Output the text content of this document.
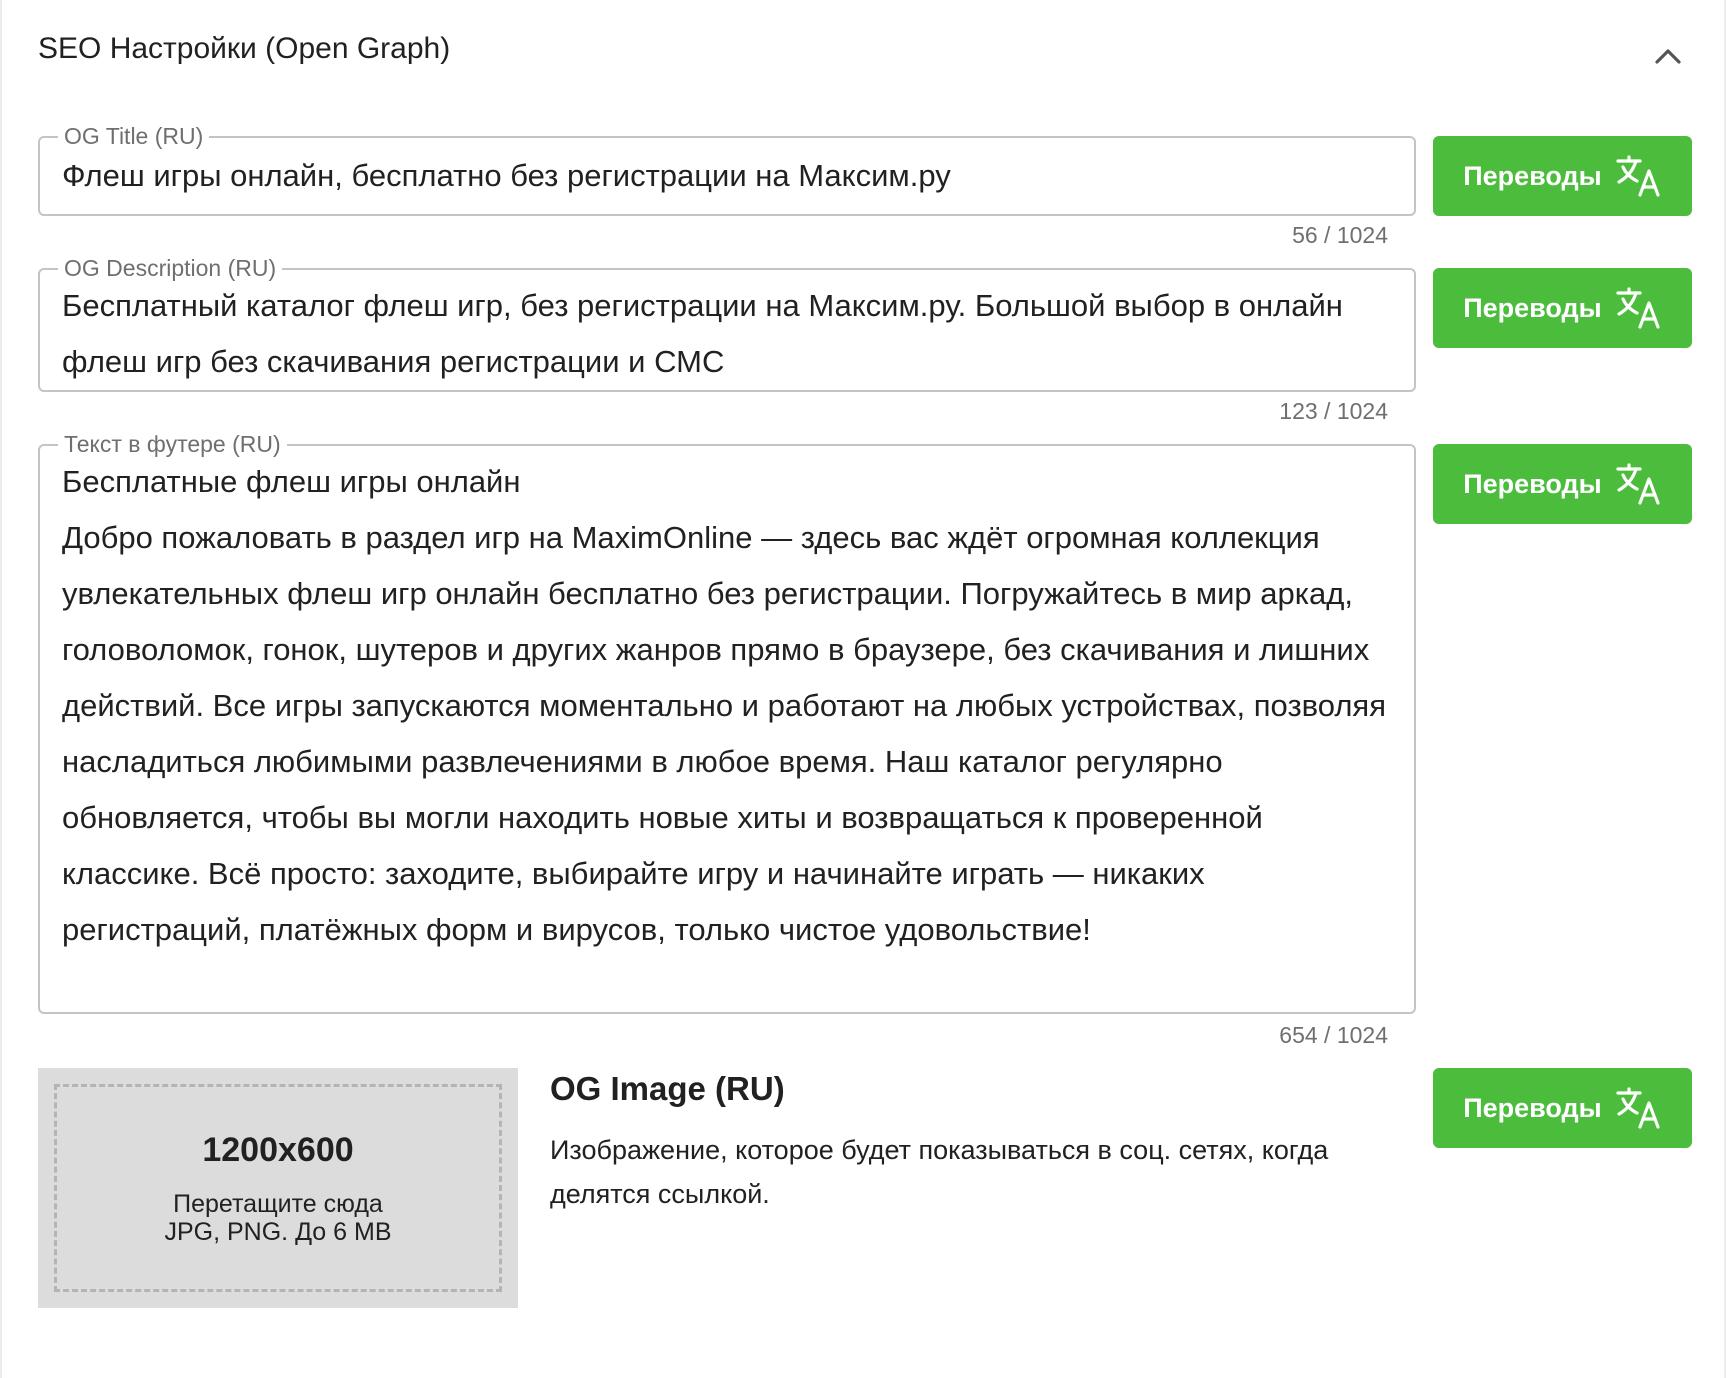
SEO Настройки (Open Graph)
OG Title (RU)
Флеш игры онлайн, бесплатно без регистрации на Максим.ру
56 / 1024
Переводы
OG Description (RU)
Бесплатный каталог флеш игр, без регистрации на Максим.ру. Большой выбор в онлайн флеш игр без скачивания регистрации и СМС
123 / 1024
Переводы
Текст в футере (RU)
Бесплатные флеш игры онлайн
Добро пожаловать в раздел игр на MaximOnline — здесь вас ждёт огромная коллекция увлекательных флеш игр онлайн бесплатно без регистрации. Погружайтесь в мир аркад, головоломок, гонок, шутеров и других жанров прямо в браузере, без скачивания и лишних действий. Все игры запускаются моментально и работают на любых устройствах, позволяя насладиться любимыми развлечениями в любое время. Наш каталог регулярно обновляется, чтобы вы могли находить новые хиты и возвращаться к проверенной классике. Всё просто: заходите, выбирайте игру и начинайте играть — никаких регистраций, платёжных форм и вирусов, только чистое удовольствие!
654 / 1024
Переводы
1200x600
Перетащите сюда
JPG, PNG. До 6 MB
OG Image (RU)
Изображение, которое будет показываться в соц. сетях, когда делятся ссылкой.
Переводы
